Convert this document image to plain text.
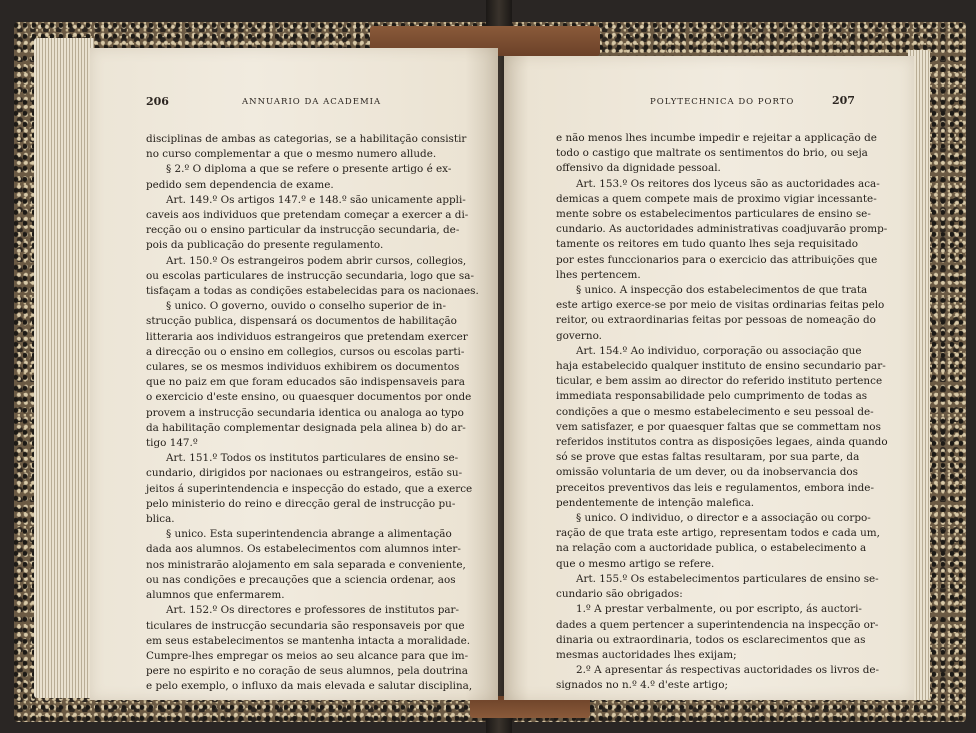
206	ANNUARIO DA ACADEMIA
disciplinas de ambas as categorias, se a habilitação consistir
no curso complementar a que o mesmo numero allude.
§ 2.º O diploma a que se refere o presente artigo é ex-
pedido sem dependencia de exame.
Art. 149.º Os artigos 147.º e 148.º são unicamente appli-
caveis aos individuos que pretendam começar a exercer a di-
recção ou o ensino particular da instrucção secundaria, de-
pois da publicação do presente regulamento.
Art. 150.º Os estrangeiros podem abrir cursos, collegios,
ou escolas particulares de instrucção secundaria, logo que sa-
tisfaçam a todas as condições estabelecidas para os nacionaes.
§ unico. O governo, ouvido o conselho superior de in-
strucção publica, dispensará os documentos de habilitação
litteraria aos individuos estrangeiros que pretendam exercer
a direcção ou o ensino em collegios, cursos ou escolas parti-
culares, se os mesmos individuos exhibirem os documentos
que no paiz em que foram educados são indispensaveis para
o exercicio d'este ensino, ou quaesquer documentos por onde
provem a instrucção secundaria identica ou analoga ao typo
da habilitação complementar designada pela alinea b) do ar-
tigo 147.º
Art. 151.º Todos os institutos particulares de ensino se-
cundario, dirigidos por nacionaes ou estrangeiros, estão su-
jeitos á superintendencia e inspecção do estado, que a exerce
pelo ministerio do reino e direcção geral de instrucção pu-
blica.
§ unico. Esta superintendencia abrange a alimentação
dada aos alumnos. Os estabelecimentos com alumnos inter-
nos ministrarão alojamento em sala separada e conveniente,
ou nas condições e precauções que a sciencia ordenar, aos
alumnos que enfermarem.
Art. 152.º Os directores e professores de institutos par-
ticulares de instrucção secundaria são responsaveis por que
em seus estabelecimentos se mantenha intacta a moralidade.
Cumpre-lhes empregar os meios ao seu alcance para que im-
pere no espirito e no coração de seus alumnos, pela doutrina
e pelo exemplo, o influxo da mais elevada e salutar disciplina,
POLYTECHNICA DO PORTO	207
e não menos lhes incumbe impedir e rejeitar a applicação de
todo o castigo que maltrate os sentimentos do brio, ou seja
offensivo da dignidade pessoal.
Art. 153.º Os reitores dos lyceus são as auctoridades aca-
demicas a quem compete mais de proximo vigiar incessante-
mente sobre os estabelecimentos particulares de ensino se-
cundario. As auctoridades administrativas coadjuvarão promp-
tamente os reitores em tudo quanto lhes seja requisitado
por estes funccionarios para o exercicio das attribuições que
lhes pertencem.
§ unico. A inspecção dos estabelecimentos de que trata
este artigo exerce-se por meio de visitas ordinarias feitas pelo
reitor, ou extraordinarias feitas por pessoas de nomeação do
governo.
Art. 154.º Ao individuo, corporação ou associação que
haja estabelecido qualquer instituto de ensino secundario par-
ticular, e bem assim ao director do referido instituto pertence
immediata responsabilidade pelo cumprimento de todas as
condições a que o mesmo estabelecimento e seu pessoal de-
vem satisfazer, e por quaesquer faltas que se commettam nos
referidos institutos contra as disposições legaes, ainda quando
só se prove que estas faltas resultaram, por sua parte, da
omissão voluntaria de um dever, ou da inobservancia dos
preceitos preventivos das leis e regulamentos, embora inde-
pendentemente de intenção malefica.
§ unico. O individuo, o director e a associação ou corpo-
ração de que trata este artigo, representam todos e cada um,
na relação com a auctoridade publica, o estabelecimento a
que o mesmo artigo se refere.
Art. 155.º Os estabelecimentos particulares de ensino se-
cundario são obrigados:
1.º A prestar verbalmente, ou por escripto, ás auctori-
dades a quem pertencer a superintendencia na inspecção or-
dinaria ou extraordinaria, todos os esclarecimentos que as
mesmas auctoridades lhes exijam;
2.º A apresentar ás respectivas auctoridades os livros de-
signados no n.º 4.º d'este artigo;
